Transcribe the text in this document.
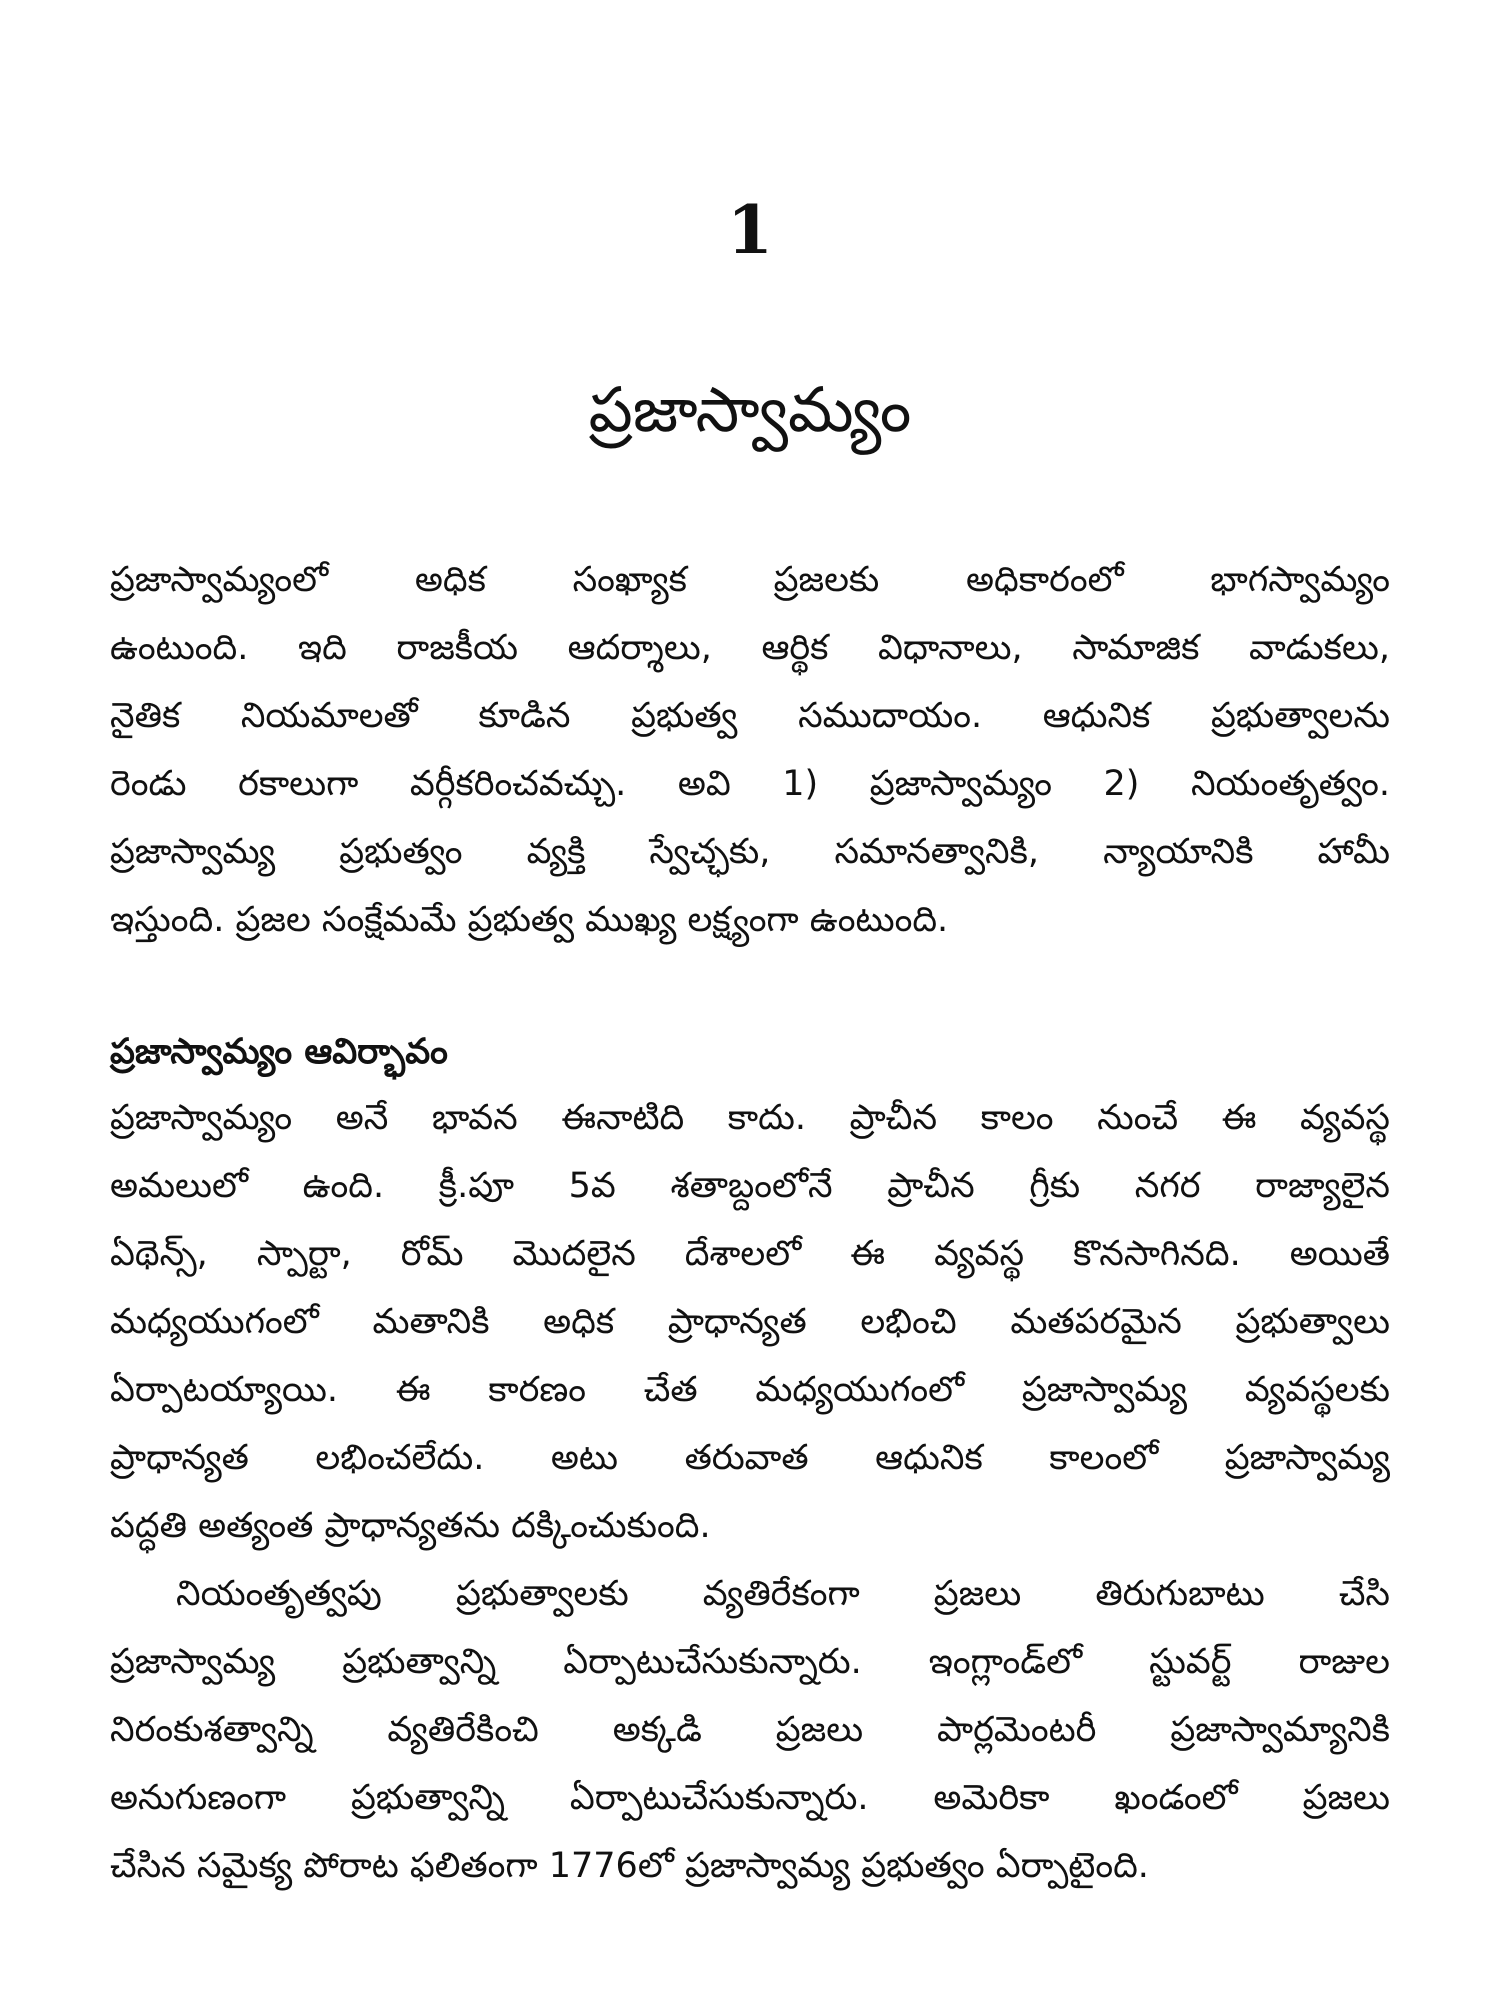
1
ప్రజాస్వామ్యం
ప్రజాస్వామ్యంలో అధిక సంఖ్యాక ప్రజలకు అధికారంలో భాగస్వామ్యం
ఉంటుంది. ఇది రాజకీయ ఆదర్శాలు, ఆర్థిక విధానాలు, సామాజిక వాడుకలు,
నైతిక నియమాలతో కూడిన ప్రభుత్వ సముదాయం. ఆధునిక ప్రభుత్వాలను
రెండు రకాలుగా వర్గీకరించవచ్చు. అవి 1) ప్రజాస్వామ్యం 2) నియంతృత్వం.
ప్రజాస్వామ్య ప్రభుత్వం వ్యక్తి స్వేచ్ఛకు, సమానత్వానికి, న్యాయానికి హామీ
ఇస్తుంది. ప్రజల సంక్షేమమే ప్రభుత్వ ముఖ్య లక్ష్యంగా ఉంటుంది.
ప్రజాస్వామ్యం ఆవిర్భావం
ప్రజాస్వామ్యం అనే భావన ఈనాటిది కాదు. ప్రాచీన కాలం నుంచే ఈ వ్యవస్థ
అమలులో ఉంది. క్రీ.పూ 5వ శతాబ్దంలోనే ప్రాచీన గ్రీకు నగర రాజ్యాలైన
ఏథెన్స్, స్పార్టా, రోమ్ మొదలైన దేశాలలో ఈ వ్యవస్థ కొనసాగినది. అయితే
మధ్యయుగంలో మతానికి అధిక ప్రాధాన్యత లభించి మతపరమైన ప్రభుత్వాలు
ఏర్పాటయ్యాయి. ఈ కారణం చేత మధ్యయుగంలో ప్రజాస్వామ్య వ్యవస్థలకు
ప్రాధాన్యత లభించలేదు. అటు తరువాత ఆధునిక కాలంలో ప్రజాస్వామ్య
పద్ధతి అత్యంత ప్రాధాన్యతను దక్కించుకుంది.
నియంతృత్వపు ప్రభుత్వాలకు వ్యతిరేకంగా ప్రజలు తిరుగుబాటు చేసి
ప్రజాస్వామ్య ప్రభుత్వాన్ని ఏర్పాటుచేసుకున్నారు. ఇంగ్లాండ్‌లో స్టువర్ట్ రాజుల
నిరంకుశత్వాన్ని వ్యతిరేకించి అక్కడి ప్రజలు పార్లమెంటరీ ప్రజాస్వామ్యానికి
అనుగుణంగా ప్రభుత్వాన్ని ఏర్పాటుచేసుకున్నారు. అమెరికా ఖండంలో ప్రజలు
చేసిన సమైక్య పోరాట ఫలితంగా 1776లో ప్రజాస్వామ్య ప్రభుత్వం ఏర్పాటైంది.
